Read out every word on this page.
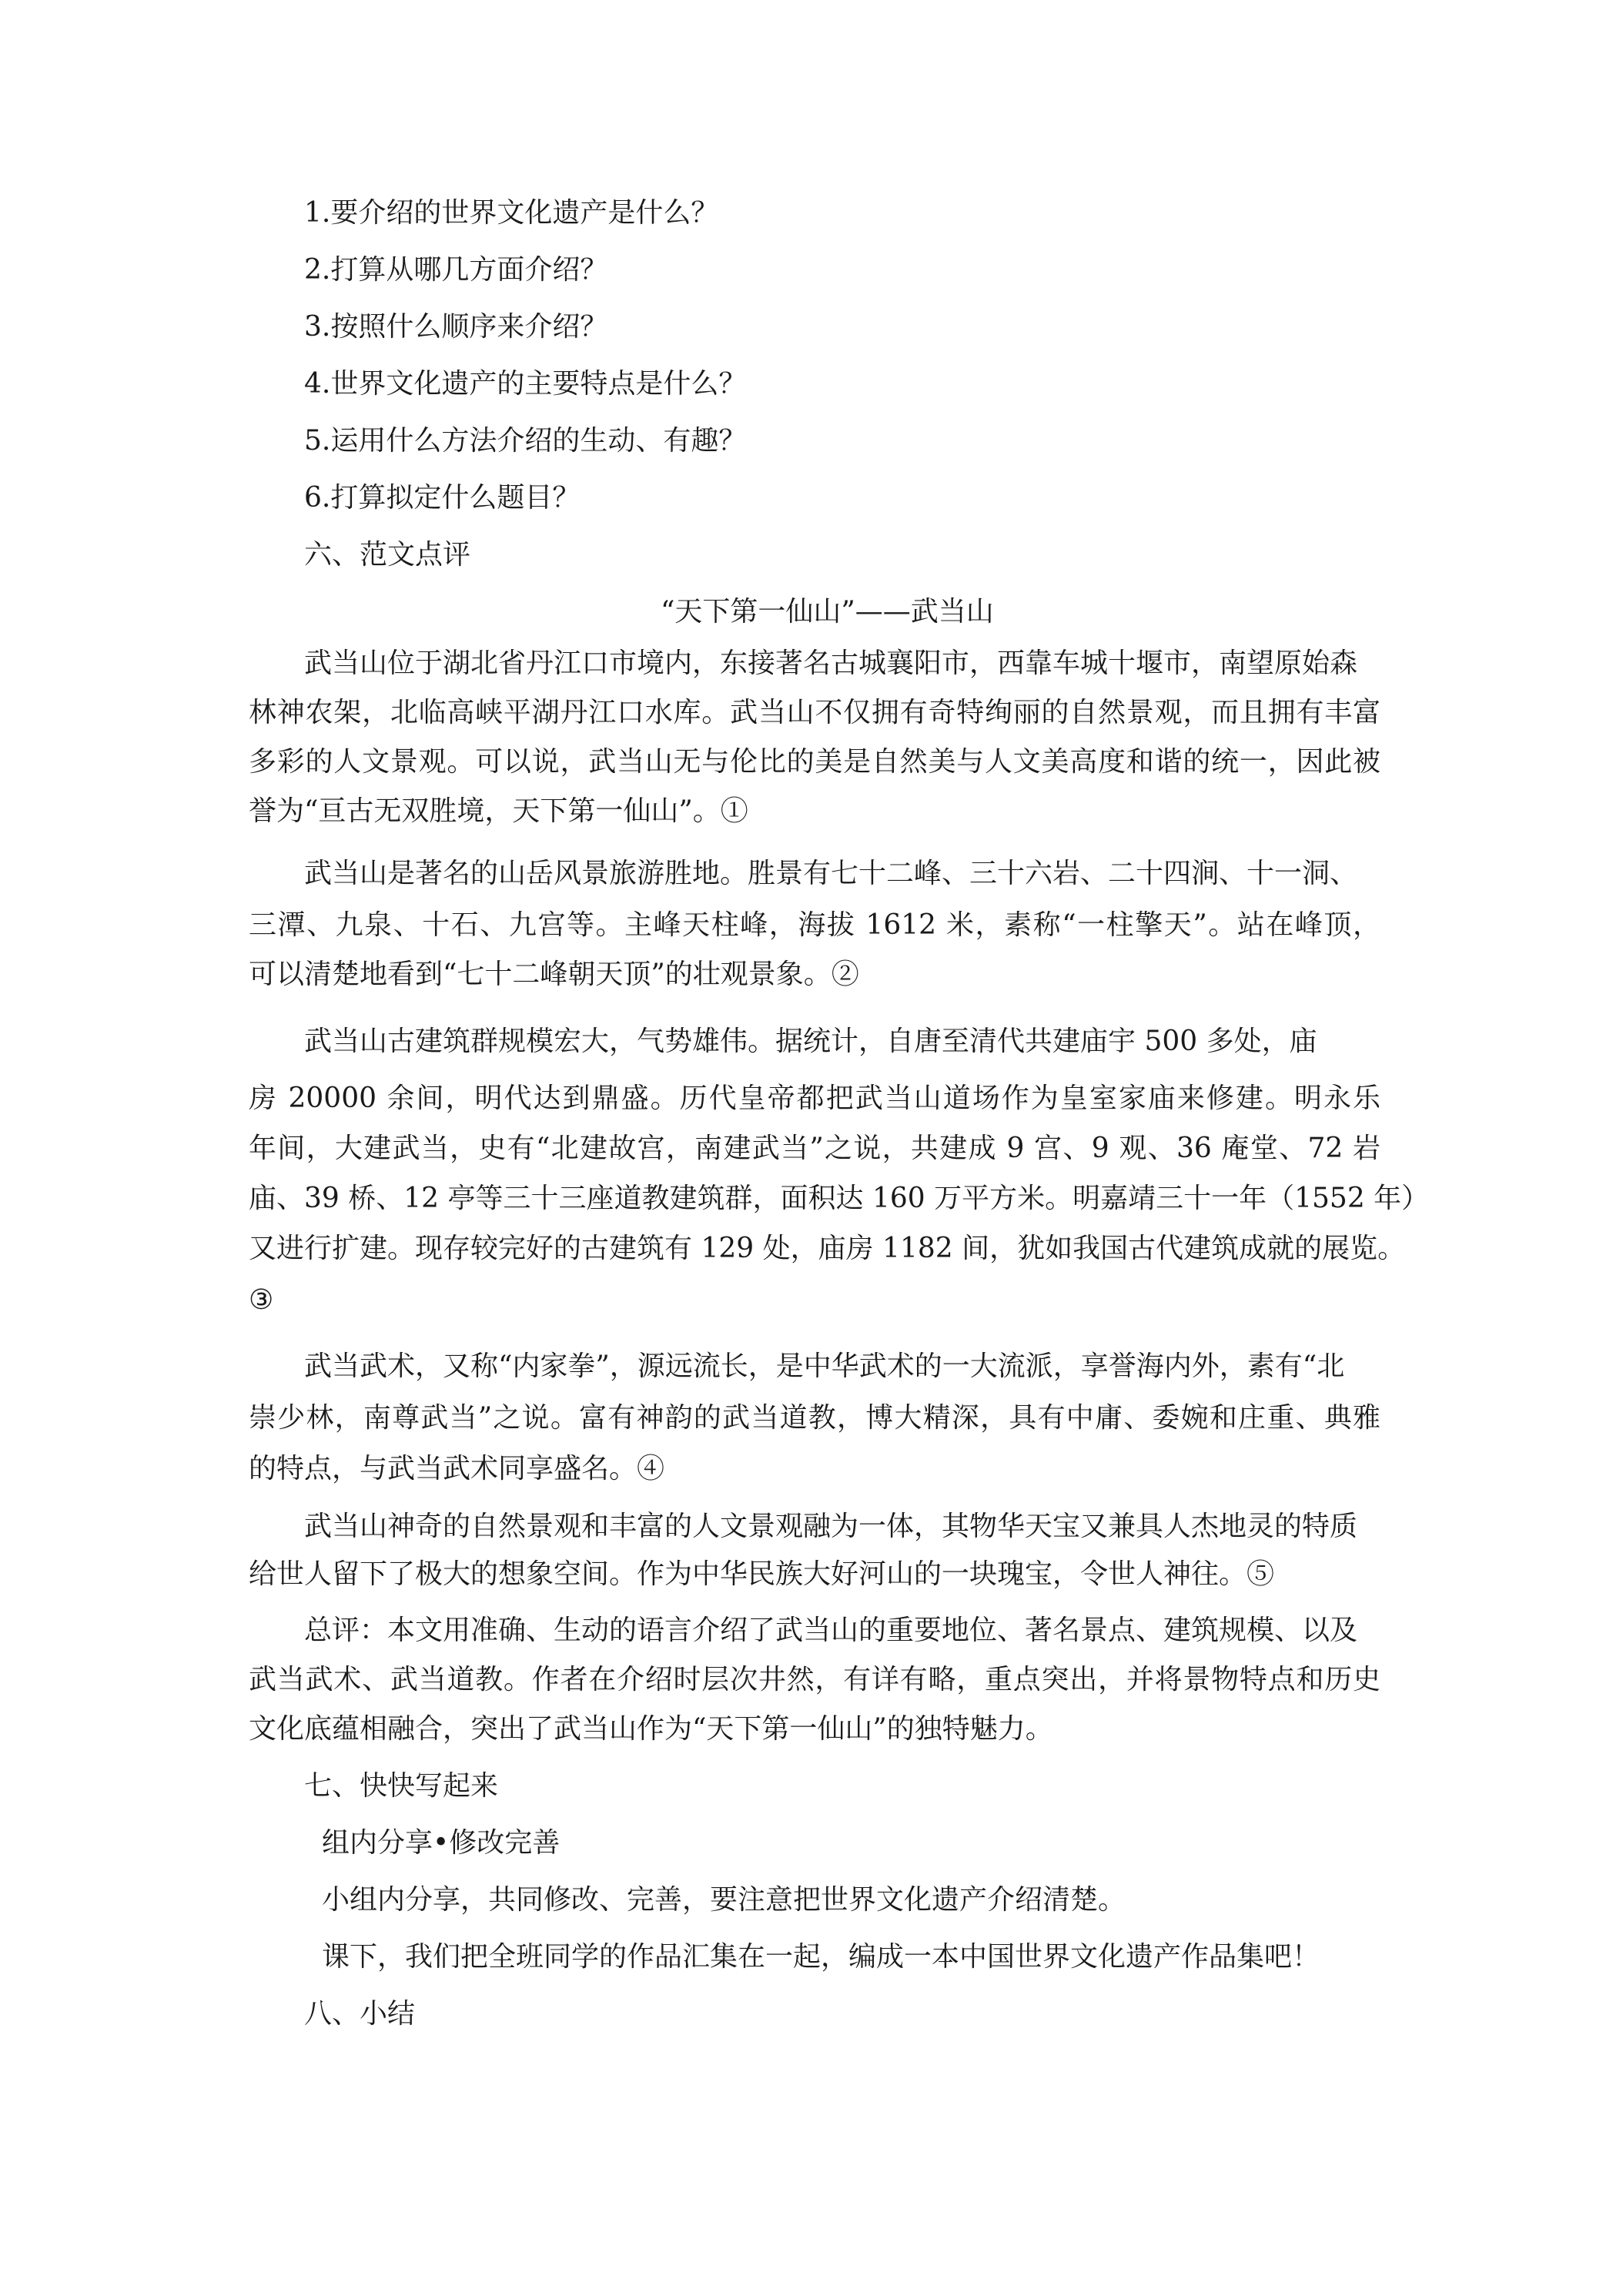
1.要介绍的世界文化遗产是什么？
2.打算从哪几方面介绍？
3.按照什么顺序来介绍？
4.世界文化遗产的主要特点是什么？
5.运用什么方法介绍的生动、有趣？
6.打算拟定什么题目？
六、范文点评
“天下第一仙山”——武当山
武当山位于湖北省丹江口市境内，东接著名古城襄阳市，西靠车城十堰市，南望原始森
林神农架，北临高峡平湖丹江口水库。武当山不仅拥有奇特绚丽的自然景观，而且拥有丰富
多彩的人文景观。可以说，武当山无与伦比的美是自然美与人文美高度和谐的统一，因此被
誉为“亘古无双胜境，天下第一仙山”。①
武当山是著名的山岳风景旅游胜地。胜景有七十二峰、三十六岩、二十四涧、十一洞、
三潭、九泉、十石、九宫等。主峰天柱峰，海拔 1612 米，素称“一柱擎天”。站在峰顶，
可以清楚地看到“七十二峰朝天顶”的壮观景象。②
武当山古建筑群规模宏大，气势雄伟。据统计，自唐至清代共建庙宇 500 多处，庙
房 20000 余间，明代达到鼎盛。历代皇帝都把武当山道场作为皇室家庙来修建。明永乐
年间，大建武当，史有“北建故宫，南建武当”之说，共建成 9 宫、9 观、36 庵堂、72 岩
庙、39 桥、12 亭等三十三座道教建筑群，面积达 160 万平方米。明嘉靖三十一年（1552 年）
又进行扩建。现存较完好的古建筑有 129 处，庙房 1182 间，犹如我国古代建筑成就的展览。
③
武当武术，又称“内家拳”，源远流长，是中华武术的一大流派，享誉海内外，素有“北
崇少林，南尊武当”之说。富有神韵的武当道教，博大精深，具有中庸、委婉和庄重、典雅
的特点，与武当武术同享盛名。④
武当山神奇的自然景观和丰富的人文景观融为一体，其物华天宝又兼具人杰地灵的特质
给世人留下了极大的想象空间。作为中华民族大好河山的一块瑰宝，令世人神往。⑤
总评：本文用准确、生动的语言介绍了武当山的重要地位、著名景点、建筑规模、以及
武当武术、武当道教。作者在介绍时层次井然，有详有略，重点突出，并将景物特点和历史
文化底蕴相融合，突出了武当山作为“天下第一仙山”的独特魅力。
七、快快写起来
组内分享•修改完善
小组内分享，共同修改、完善，要注意把世界文化遗产介绍清楚。
课下，我们把全班同学的作品汇集在一起，编成一本中国世界文化遗产作品集吧！
八、小结
